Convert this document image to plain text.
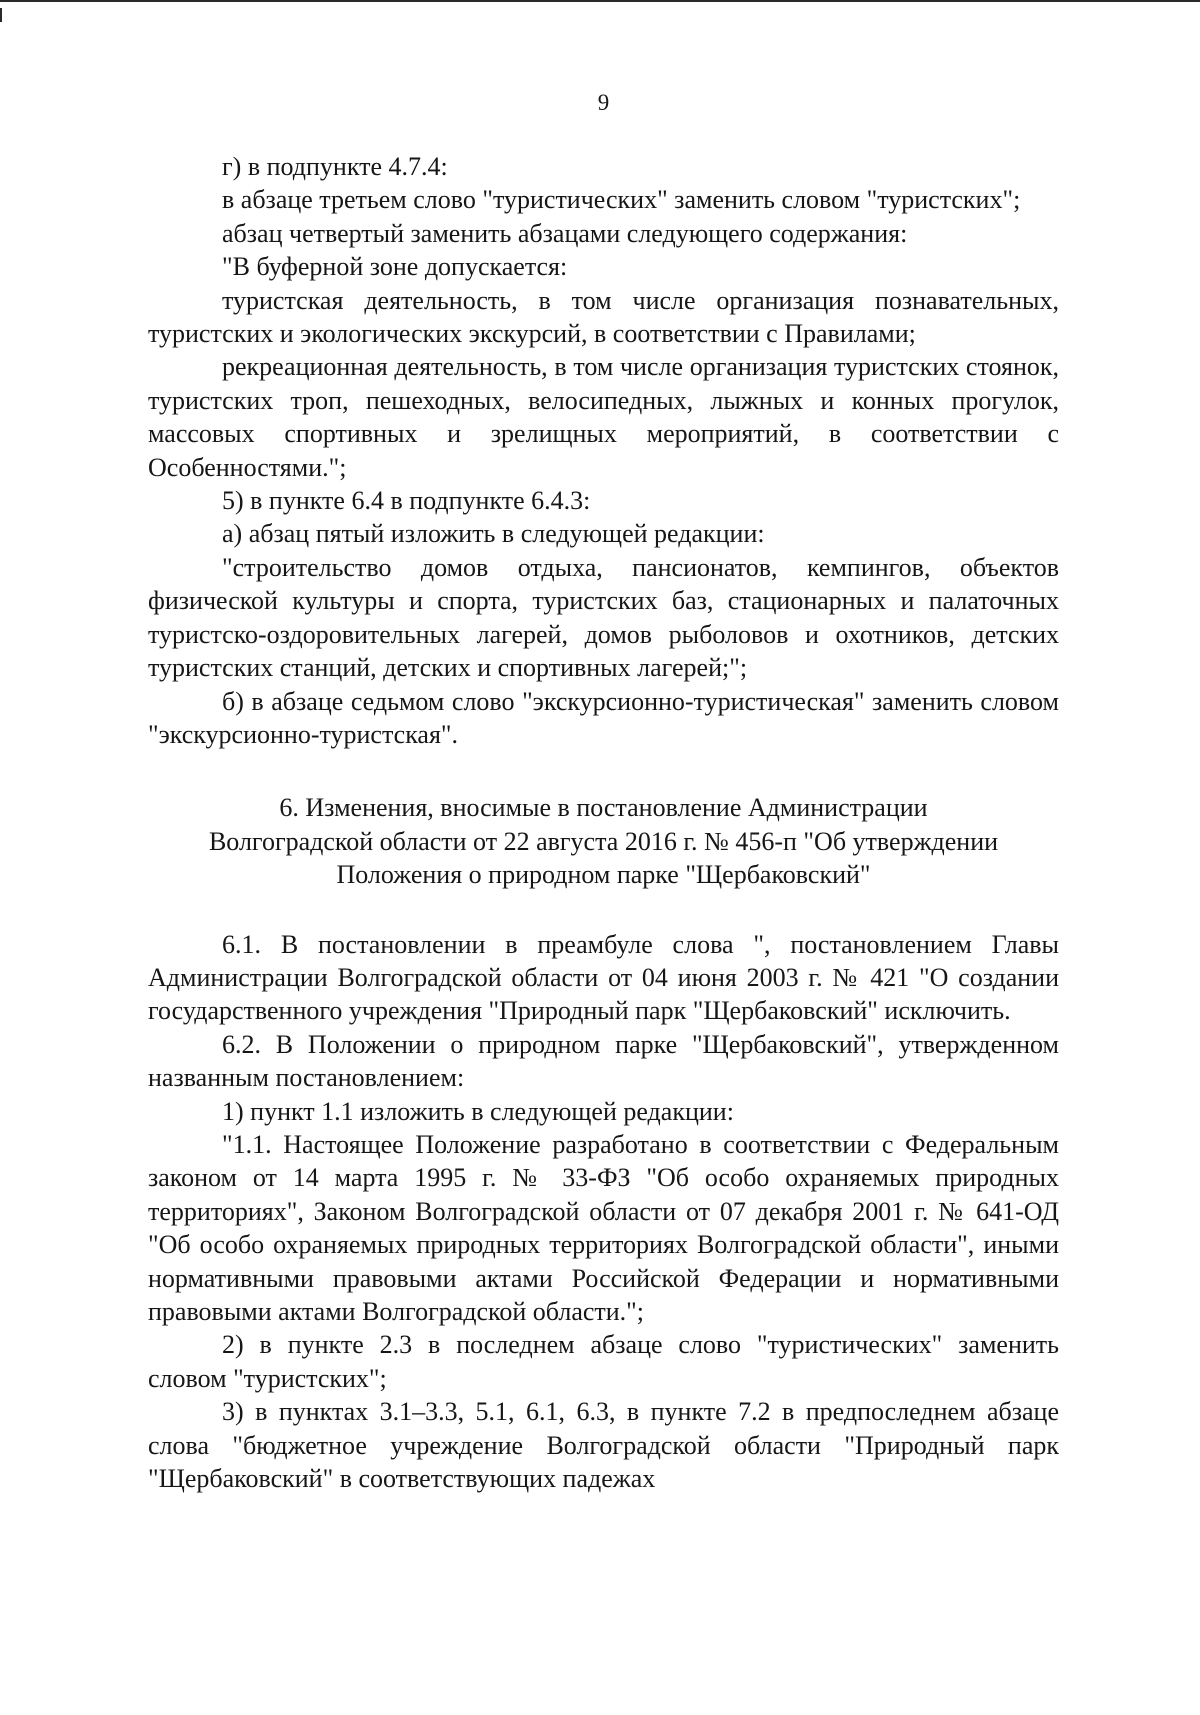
9

г) в подпункте 4.7.4:

в абзаце третьем слово "туристических" заменить словом "туристских";

абзац четвертый заменить абзацами следующего содержания:

"В буферной зоне допускается:

туристская деятельность, в том числе организация познавательных, туристских и экологических экскурсий, в соответствии с Правилами;

рекреационная деятельность, в том числе организация туристских стоянок, туристских троп, пешеходных, велосипедных, лыжных и конных прогулок, массовых спортивных и зрелищных мероприятий, в соответствии с Особенностями.";

5) в пункте 6.4 в подпункте 6.4.3:

а) абзац пятый изложить в следующей редакции:

"строительство домов отдыха, пансионатов, кемпингов, объектов физической культуры и спорта, туристских баз, стационарных и палаточных туристско-оздоровительных лагерей, домов рыболовов и охотников, детских туристских станций, детских и спортивных лагерей;";

б) в абзаце седьмом слово "экскурсионно-туристическая" заменить словом "экскурсионно-туристская".

6. Изменения, вносимые в постановление Администрации
Волгоградской области от 22 августа 2016 г. № 456-п "Об утверждении
Положения о природном парке "Щербаковский"

6.1. В постановлении в преамбуле слова ", постановлением Главы Администрации Волгоградской области от 04 июня 2003 г. № 421 "О создании государственного учреждения "Природный парк "Щербаковский" исключить.

6.2. В Положении о природном парке "Щербаковский", утвержденном названным постановлением:

1) пункт 1.1 изложить в следующей редакции:

"1.1. Настоящее Положение разработано в соответствии с Федеральным законом от 14 марта 1995 г. № 33-ФЗ "Об особо охраняемых природных территориях", Законом Волгоградской области от 07 декабря 2001 г. № 641-ОД "Об особо охраняемых природных территориях Волгоградской области", иными нормативными правовыми актами Российской Федерации и нормативными правовыми актами Волгоградской области.";

2) в пункте 2.3 в последнем абзаце слово "туристических" заменить словом "туристских";

3) в пунктах 3.1–3.3, 5.1, 6.1, 6.3, в пункте 7.2 в предпоследнем абзаце слова "бюджетное учреждение Волгоградской области "Природный парк "Щербаковский" в соответствующих падежах
